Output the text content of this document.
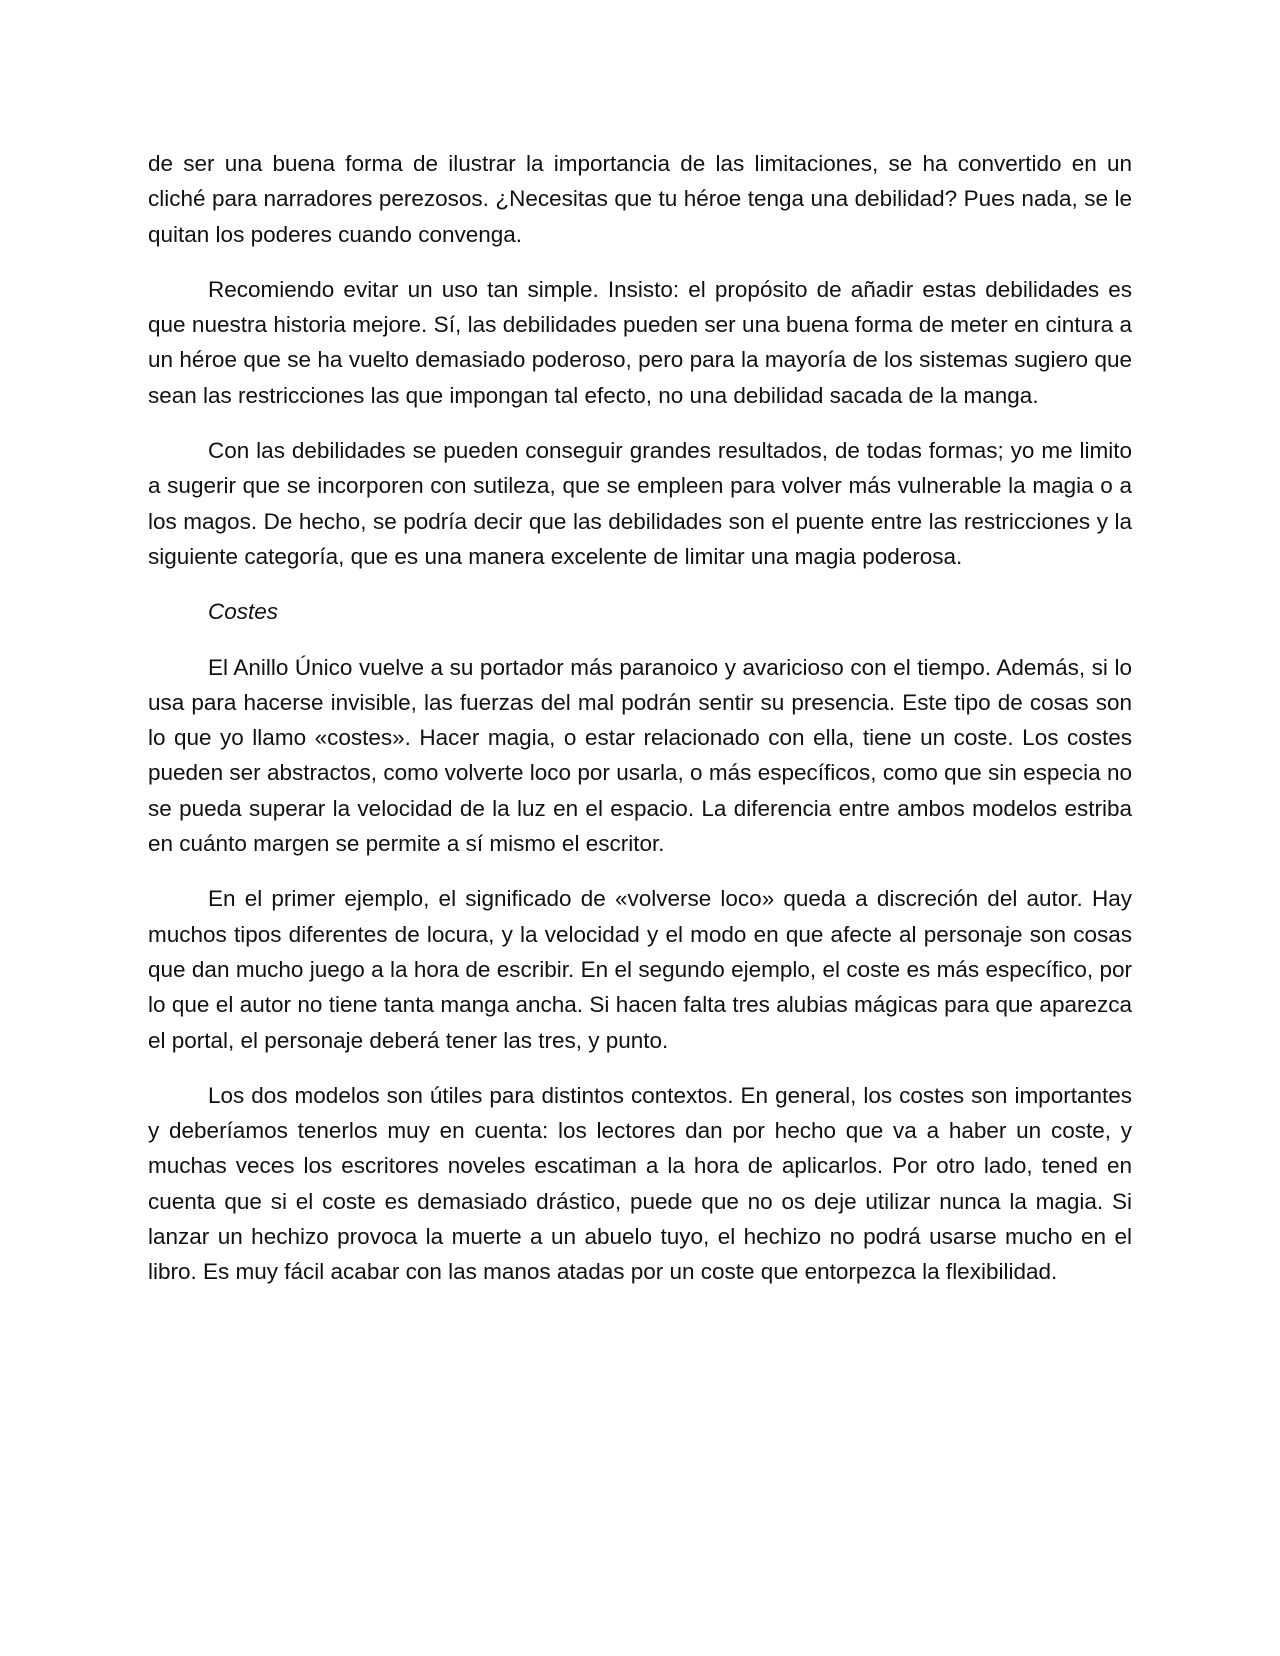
de ser una buena forma de ilustrar la importancia de las limitaciones, se ha convertido en un cliché para narradores perezosos. ¿Necesitas que tu héroe tenga una debilidad? Pues nada, se le quitan los poderes cuando convenga.

Recomiendo evitar un uso tan simple. Insisto: el propósito de añadir estas debilidades es que nuestra historia mejore. Sí, las debilidades pueden ser una buena forma de meter en cintura a un héroe que se ha vuelto demasiado poderoso, pero para la mayoría de los sistemas sugiero que sean las restricciones las que impongan tal efecto, no una debilidad sacada de la manga.

Con las debilidades se pueden conseguir grandes resultados, de todas formas; yo me limito a sugerir que se incorporen con sutileza, que se empleen para volver más vulnerable la magia o a los magos. De hecho, se podría decir que las debilidades son el puente entre las restricciones y la siguiente categoría, que es una manera excelente de limitar una magia poderosa.

Costes

El Anillo Único vuelve a su portador más paranoico y avaricioso con el tiempo. Además, si lo usa para hacerse invisible, las fuerzas del mal podrán sentir su presencia. Este tipo de cosas son lo que yo llamo «costes». Hacer magia, o estar relacionado con ella, tiene un coste. Los costes pueden ser abstractos, como volverte loco por usarla, o más específicos, como que sin especia no se pueda superar la velocidad de la luz en el espacio. La diferencia entre ambos modelos estriba en cuánto margen se permite a sí mismo el escritor.

En el primer ejemplo, el significado de «volverse loco» queda a discreción del autor. Hay muchos tipos diferentes de locura, y la velocidad y el modo en que afecte al personaje son cosas que dan mucho juego a la hora de escribir. En el segundo ejemplo, el coste es más específico, por lo que el autor no tiene tanta manga ancha. Si hacen falta tres alubias mágicas para que aparezca el portal, el personaje deberá tener las tres, y punto.

Los dos modelos son útiles para distintos contextos. En general, los costes son importantes y deberíamos tenerlos muy en cuenta: los lectores dan por hecho que va a haber un coste, y muchas veces los escritores noveles escatiman a la hora de aplicarlos. Por otro lado, tened en cuenta que si el coste es demasiado drástico, puede que no os deje utilizar nunca la magia. Si lanzar un hechizo provoca la muerte a un abuelo tuyo, el hechizo no podrá usarse mucho en el libro. Es muy fácil acabar con las manos atadas por un coste que entorpezca la flexibilidad.
